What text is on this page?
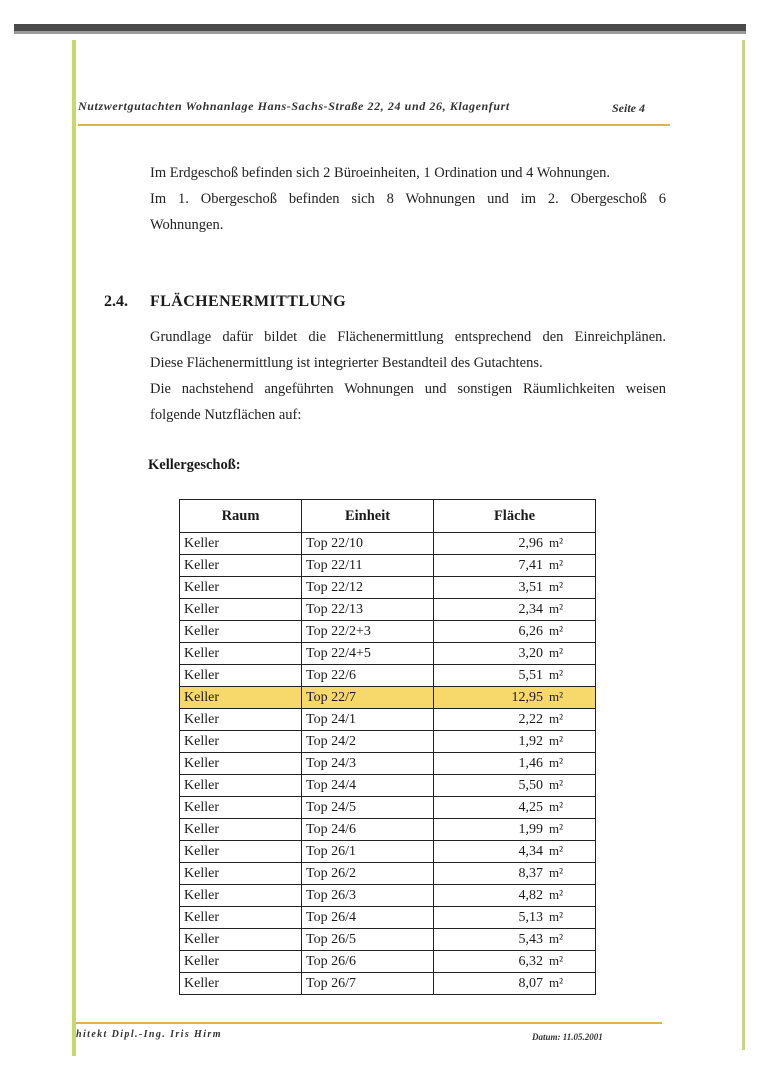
Nutzwertgutachten Wohnanlage Hans-Sachs-Straße 22, 24 und 26, Klagenfurt	Seite 4
Im Erdgeschoß befinden sich 2 Büroeinheiten, 1 Ordination und 4 Wohnungen.
Im 1. Obergeschoß befinden sich 8 Wohnungen und im 2. Obergeschoß 6
Wohnungen.
2.4. FLÄCHENERMITTLUNG
Grundlage dafür bildet die Flächenermittlung entsprechend den Einreichplänen.
Diese Flächenermittlung ist integrierter Bestandteil des Gutachtens.
Die nachstehend angeführten Wohnungen und sonstigen Räumlichkeiten weisen
folgende Nutzflächen auf:
Kellergeschoß:
Raum	Einheit	Fläche
Keller	Top 22/10	2,96 m²
Keller	Top 22/11	7,41 m²
Keller	Top 22/12	3,51 m²
Keller	Top 22/13	2,34 m²
Keller	Top 22/2+3	6,26 m²
Keller	Top 22/4+5	3,20 m²
Keller	Top 22/6	5,51 m²
Keller	Top 22/7	12,95 m²
Keller	Top 24/1	2,22 m²
Keller	Top 24/2	1,92 m²
Keller	Top 24/3	1,46 m²
Keller	Top 24/4	5,50 m²
Keller	Top 24/5	4,25 m²
Keller	Top 24/6	1,99 m²
Keller	Top 26/1	4,34 m²
Keller	Top 26/2	8,37 m²
Keller	Top 26/3	4,82 m²
Keller	Top 26/4	5,13 m²
Keller	Top 26/5	5,43 m²
Keller	Top 26/6	6,32 m²
Keller	Top 26/7	8,07 m²
hitekt Dipl.-Ing. Iris Hirm	Datum: 11.05.2001
